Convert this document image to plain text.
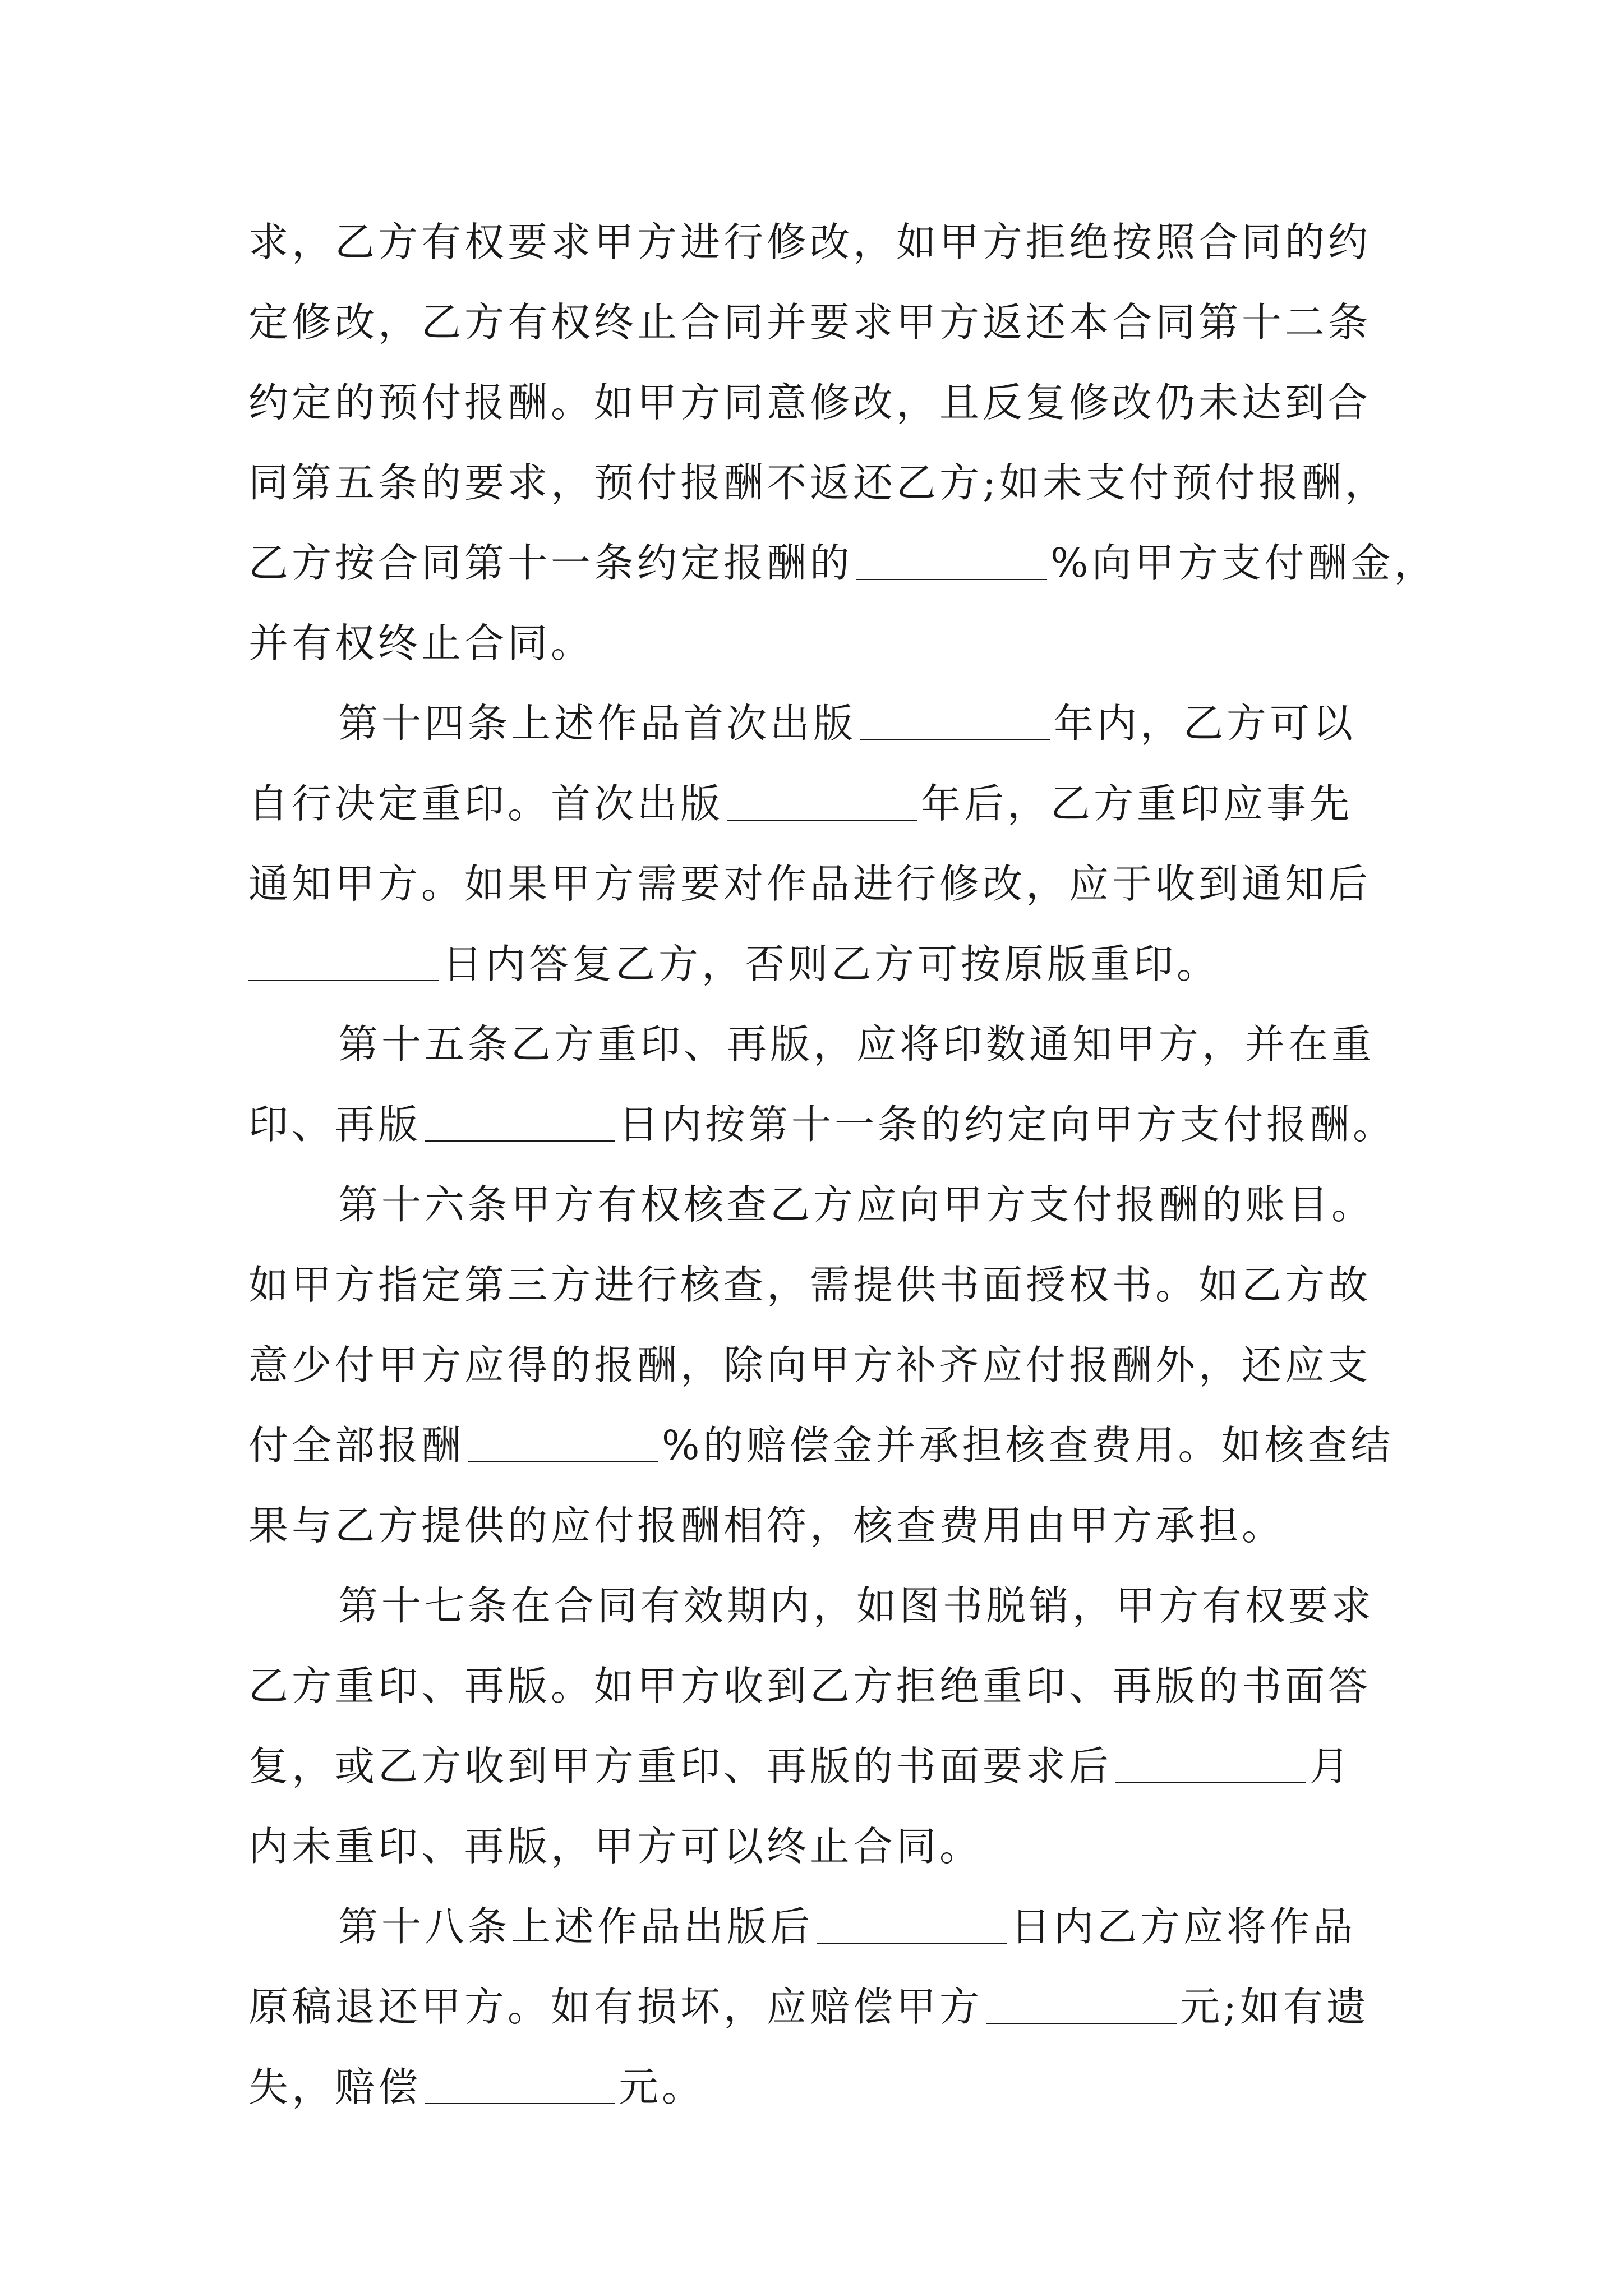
求，乙方有权要求甲方进行修改，如甲方拒绝按照合同的约
定修改，乙方有权终止合同并要求甲方返还本合同第十二条
约定的预付报酬。如甲方同意修改，且反复修改仍未达到合
同第五条的要求，预付报酬不返还乙方;如未支付预付报酬，
乙方按合同第十一条约定报酬的	%向甲方支付酬金，
并有权终止合同。
第十四条上述作品首次出版	年内，乙方可以
自行决定重印。首次出版	年后，乙方重印应事先
通知甲方。如果甲方需要对作品进行修改，应于收到通知后
日内答复乙方，否则乙方可按原版重印。
第十五条乙方重印、再版，应将印数通知甲方，并在重
印、再版	日内按第十一条的约定向甲方支付报酬。
第十六条甲方有权核查乙方应向甲方支付报酬的账目。
如甲方指定第三方进行核查，需提供书面授权书。如乙方故
意少付甲方应得的报酬，除向甲方补齐应付报酬外，还应支
付全部报酬	%的赔偿金并承担核查费用。如核查结
果与乙方提供的应付报酬相符，核查费用由甲方承担。
第十七条在合同有效期内，如图书脱销，甲方有权要求
乙方重印、再版。如甲方收到乙方拒绝重印、再版的书面答
复，或乙方收到甲方重印、再版的书面要求后	月
内未重印、再版，甲方可以终止合同。
第十八条上述作品出版后	日内乙方应将作品
原稿退还甲方。如有损坏，应赔偿甲方	元;如有遗
失，赔偿	元。
